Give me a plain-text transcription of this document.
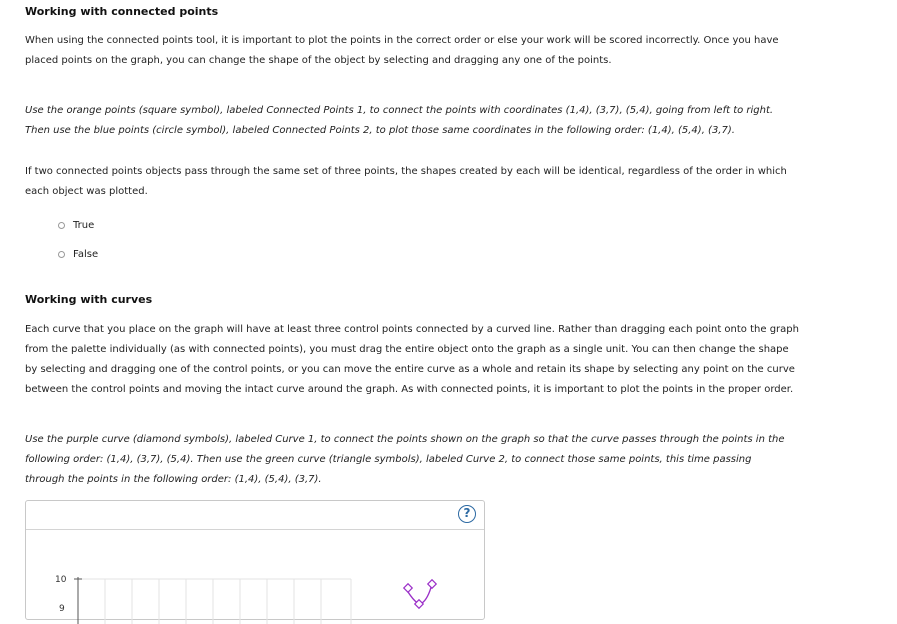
Working with connected points
When using the connected points tool, it is important to plot the points in the correct order or else your work will be scored incorrectly. Once you have
placed points on the graph, you can change the shape of the object by selecting and dragging any one of the points.
Use the orange points (square symbol), labeled Connected Points 1, to connect the points with coordinates (1,4), (3,7), (5,4), going from left to right.
Then use the blue points (circle symbol), labeled Connected Points 2, to plot those same coordinates in the following order: (1,4), (5,4), (3,7).
If two connected points objects pass through the same set of three points, the shapes created by each will be identical, regardless of the order in which
each object was plotted.
True
False
Working with curves
Each curve that you place on the graph will have at least three control points connected by a curved line. Rather than dragging each point onto the graph
from the palette individually (as with connected points), you must drag the entire object onto the graph as a single unit. You can then change the shape
by selecting and dragging one of the control points, or you can move the entire curve as a whole and retain its shape by selecting any point on the curve
between the control points and moving the intact curve around the graph. As with connected points, it is important to plot the points in the proper order.
Use the purple curve (diamond symbols), labeled Curve 1, to connect the points shown on the graph so that the curve passes through the points in the
following order: (1,4), (3,7), (5,4). Then use the green curve (triangle symbols), labeled Curve 2, to connect those same points, this time passing
through the points in the following order: (1,4), (5,4), (3,7).
?
10
9
